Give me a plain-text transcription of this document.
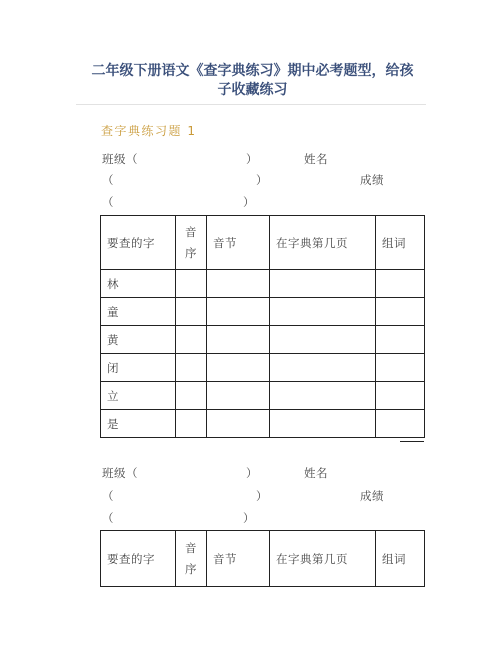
二年级下册语文《查字典练习》期中必考题型，给孩
子收藏练习
查字典练习题 1
班级（	）	姓名
（	）	成绩
（	）
要查的字	音序	音节	在字典第几页	组词
林				
童				
黄				
闭				
立				
是				
班级（	）	姓名
（	）	成绩
（	）
要查的字	音序	音节	在字典第几页	组词
